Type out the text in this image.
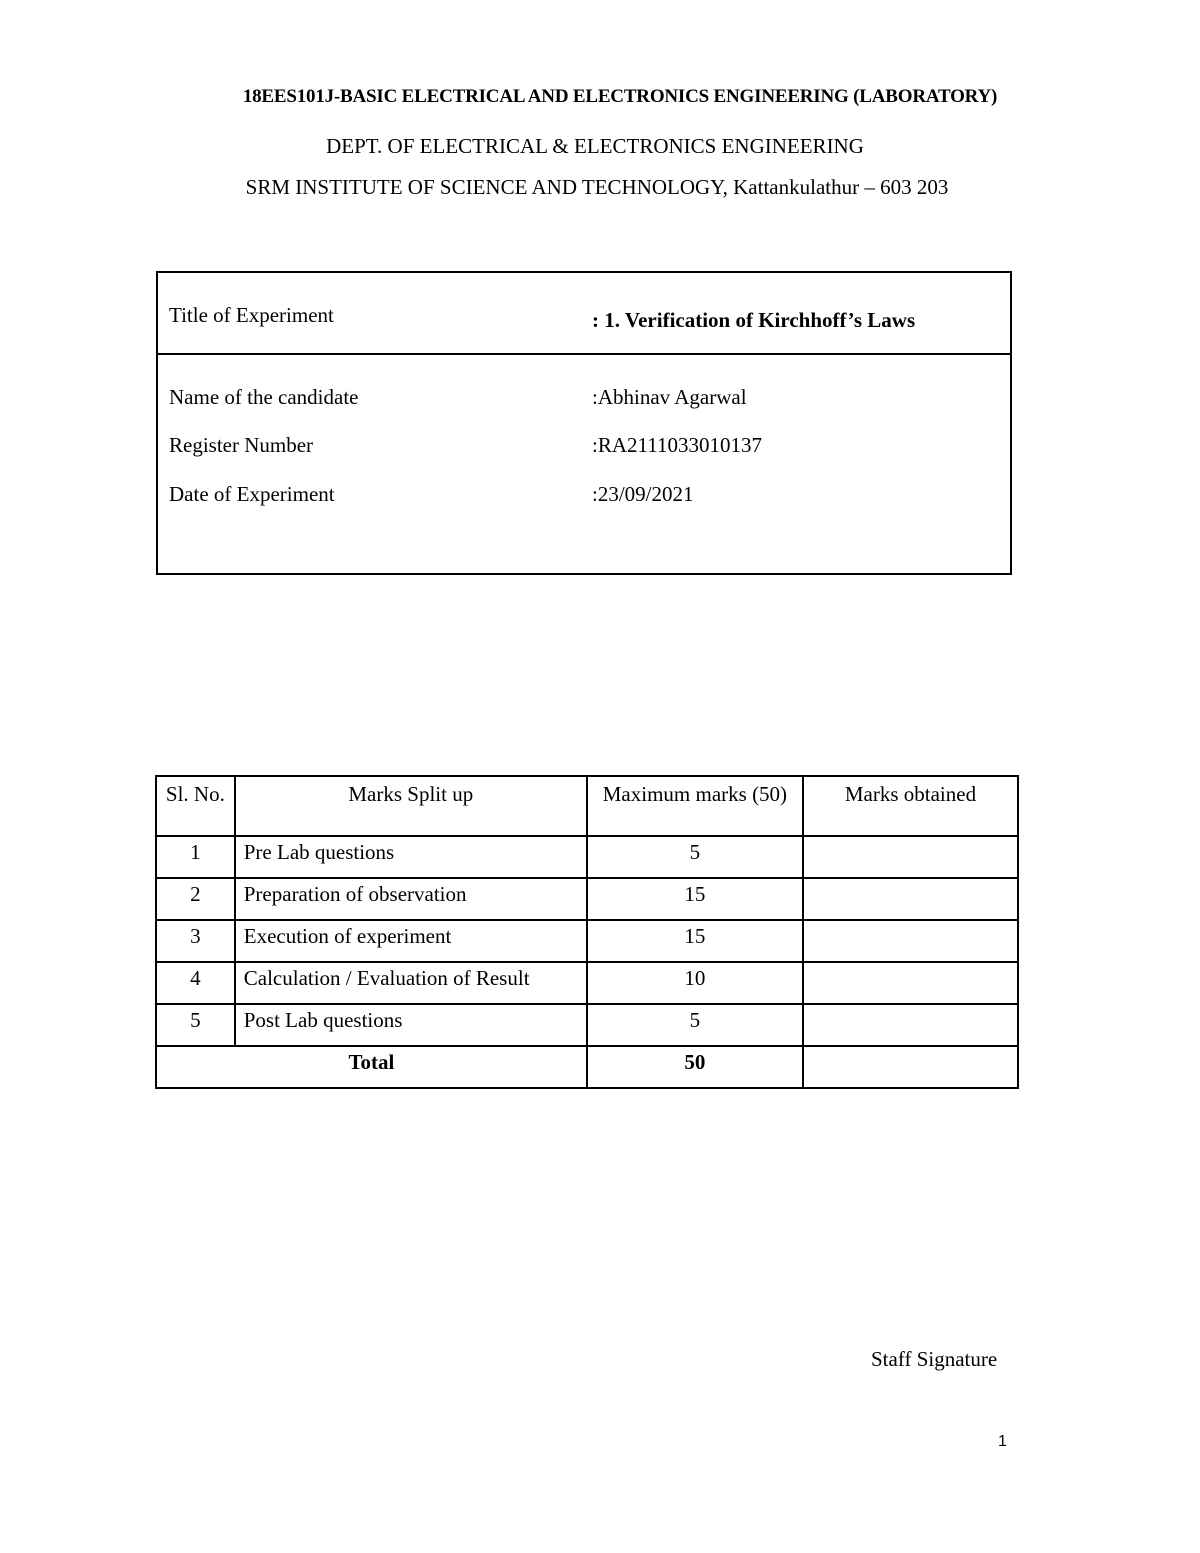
18EES101J-BASIC ELECTRICAL AND ELECTRONICS ENGINEERING (LABORATORY)
DEPT. OF ELECTRICAL & ELECTRONICS ENGINEERING
SRM INSTITUTE OF SCIENCE AND TECHNOLOGY, Kattankulathur – 603 203
Title of Experiment	: 1. Verification of Kirchhoff’s Laws
Name of the candidate	:Abhinav Agarwal
Register Number	:RA2111033010137
Date of Experiment	:23/09/2021
Sl. No.	Marks Split up	Maximum marks (50)	Marks obtained
1	Pre Lab questions	5	
2	Preparation of observation	15	
3	Execution of experiment	15	
4	Calculation / Evaluation of Result	10	
5	Post Lab questions	5	
Total		50	
Staff Signature
1
